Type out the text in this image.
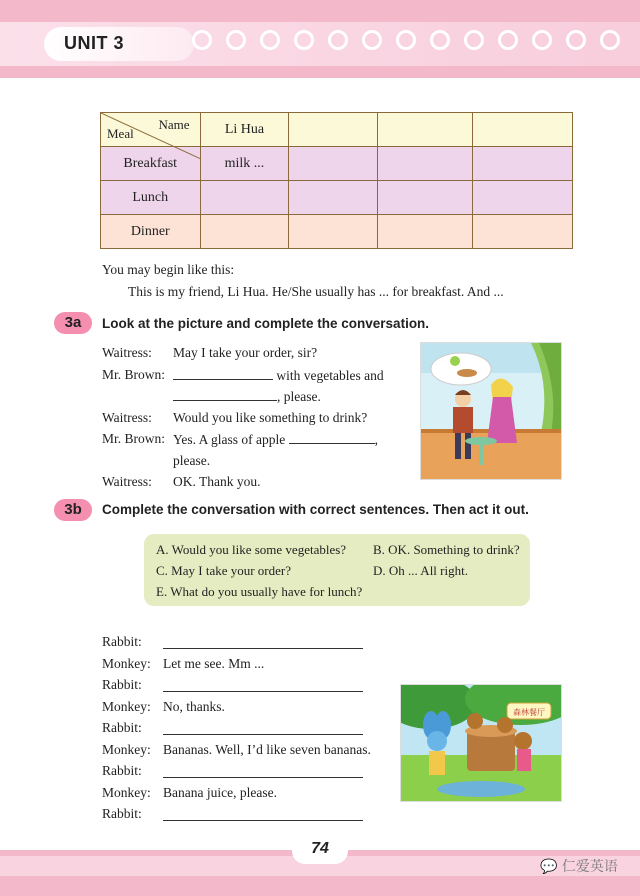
UNIT 3
Name
Meal	Li Hua			
Breakfast	milk ...			
Lunch				
Dinner				
You may begin like this:
This is my friend, Li Hua. He/She usually has ... for breakfast. And ...
3a	Look at the picture and complete the conversation.
Waitress: May I take your order, sir?
Mr. Brown:	with vegetables and
, please.
Waitress: Would you like something to drink?
Mr. Brown: Yes. A glass of apple	,
please.
Waitress: OK. Thank you.
3b	Complete the conversation with correct sentences. Then act it out.
A. Would you like some vegetables? B. OK. Something to drink?
C. May I take your order?	D. Oh ... All right.
E. What do you usually have for lunch?
Rabbit:
Monkey: Let me see. Mm ...
Rabbit:
Monkey: No, thanks.
Rabbit:
Monkey: Bananas. Well, I’d like seven bananas.
Rabbit:
Monkey: Banana juice, please.
Rabbit:
森林餐厅
74
💬 仁爱英语
